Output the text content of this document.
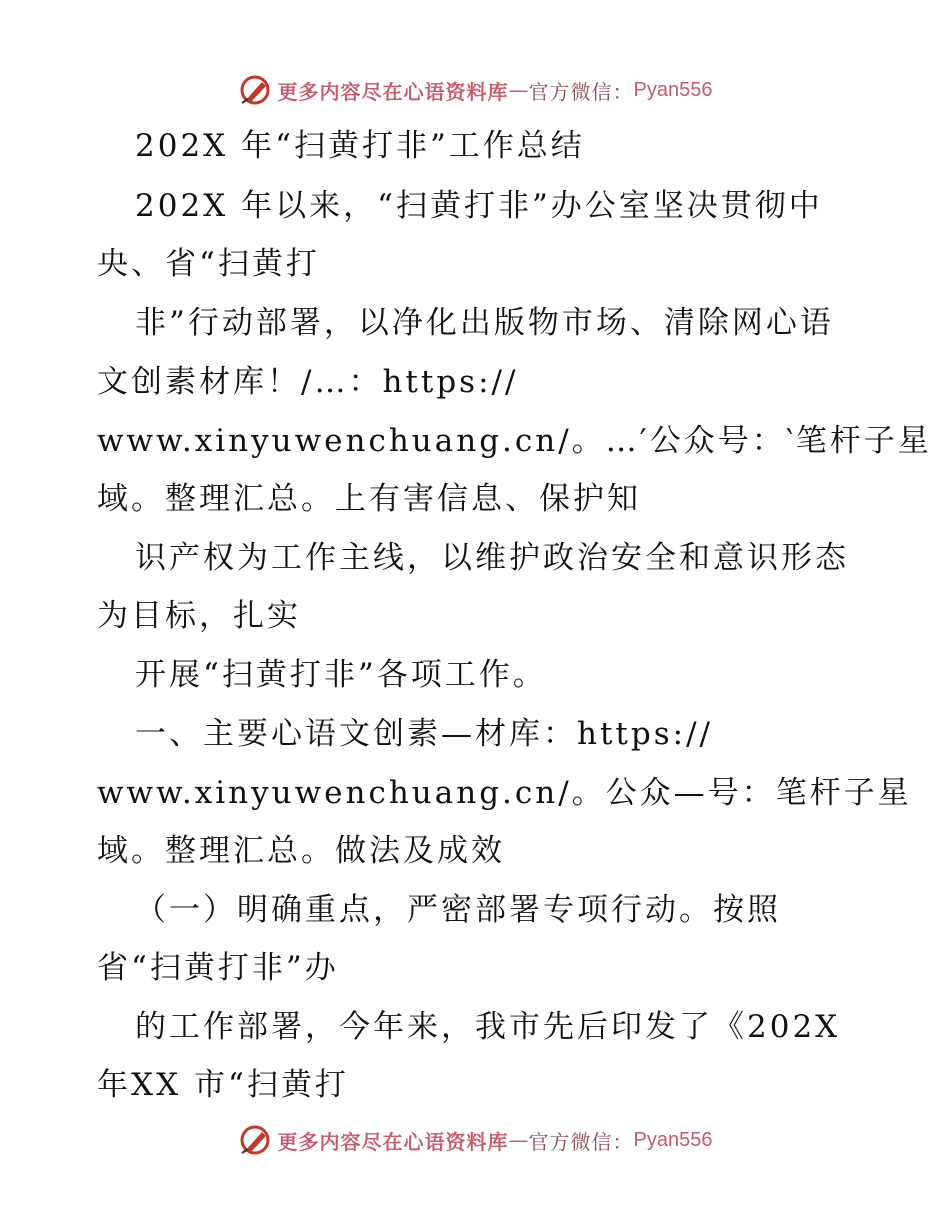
更多内容尽在心语资料库 — 官方微信： Pyan556
202X 年“扫黄打非”工作总结
202X 年以来，“扫黄打非”办公室坚决贯彻中
央、省“扫黄打
非”行动部署，以净化出版物市场、清除网心语
文创素材库！/…：https://
www.xinyuwenchuang.cn/。…′公众号：‵笔杆子星
域。整理汇总。上有害信息、保护知
识产权为工作主线，以维护政治安全和意识形态
为目标，扎实
开展“扫黄打非”各项工作。
一、主要心语文创素—材库：https://
www.xinyuwenchuang.cn/。公众—号：笔杆子星
域。整理汇总。做法及成效
（一）明确重点，严密部署专项行动。按照
省“扫黄打非”办
的工作部署，今年来，我市先后印发了《202X
年XX 市“扫黄打
更多内容尽在心语资料库 — 官方微信： Pyan556
